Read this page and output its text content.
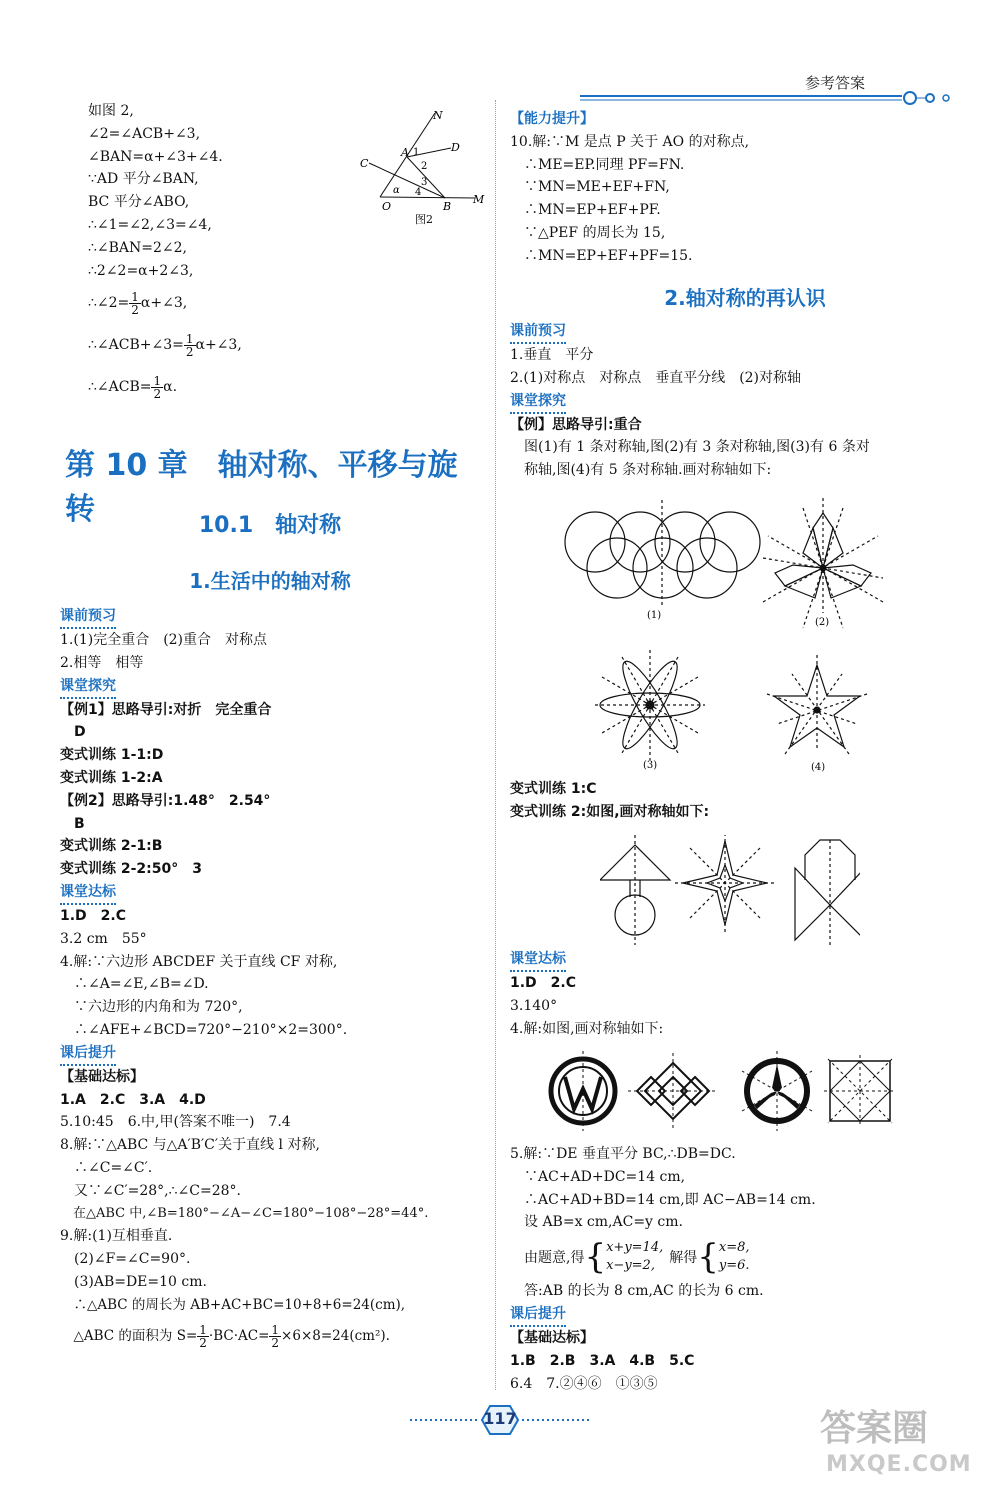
参考答案
如图 2,
∠2=∠ACB+∠3,
∠BAN=α+∠3+∠4.
∵AD 平分∠BAN,
BC 平分∠ABO,
∴∠1=∠2,∠3=∠4,
∴∠BAN=2∠2,
∴2∠2=α+2∠3,
∴∠2= $\frac{1}{2}$ α+∠3,
∴∠ACB+∠3= $\frac{1}{2}$ α+∠3,
∴∠ACB= $\frac{1}{2} \alpha$.
N
D
C
A 1
2
3
α 4
O	B
M
图2
第 10 章　轴对称、平移与旋转	10.1　轴对称
1.生活中的轴对称
课前预习
1.(1)完全重合　(2)重合　对称点
2.相等　相等
课堂探究
【例1】思路导引:对折　完全重合
　D
变式训练 1-1:D
变式训练 1-2:A
【例2】思路导引:1.48°　2.54°
　B
变式训练 2-1:B
变式训练 2-2:50°　3
课堂达标
1.D　2.C
3.2 cm　55°
4.解:∵六边形 ABCDEF 关于直线 CF 对称,
　∴∠A=∠E,∠B=∠D.
　∵六边形的内角和为 720°,
　∴∠AFE+∠BCD=720°−210°×2=300°.
课后提升
【基础达标】
1.A　2.C　3.A　4.D
5.10:45　6.中,甲(答案不唯一)　7.4
8.解:∵△ABC 与△A′B′C′关于直线 l 对称,
　∴∠C=∠C′.
　又∵∠C′=28°,∴∠C=28°.
　在△ABC 中,∠B=180°−∠A−∠C=180°−108°−28°=44°.
9.解:(1)互相垂直.
　(2)∠F=∠C=90°.
　(3)AB=DE=10 cm.
　∴△ABC 的周长为 AB+AC+BC=10+8+6=24(cm),
　△ABC 的面积为 $S= \frac{1}{2} \cdot BC\cdot AC= \frac{1}{2} \times 6\times 8=24(cm^2)$.
【能力提升】
10.解:∵M 是点 P 关于 AO 的对称点,
　∴ME=EP.同理 PF=FN.
　∵MN=ME+EF+FN,
　∴MN=EP+EF+PF.
　∵△PEF 的周长为 15,
　∴MN=EP+EF+PF=15.
2.轴对称的再认识
课前预习
1.垂直　平分
2.(1)对称点　对称点　垂直平分线　(2)对称轴
课堂探究
【例】思路导引:重合
　图(1)有 1 条对称轴,图(2)有 3 条对称轴,图(3)有 6 条对
　称轴,图(4)有 5 条对称轴.画对称轴如下:
(1)
(2)
(3)	(4)
变式训练 1:C
变式训练 2:如图,画对称轴如下:
课堂达标
1.D　2.C
3.140°
4.解:如图,画对称轴如下:
5.解:∵DE 垂直平分 BC,∴DB=DC.
　∵AC+AD+DC=14 cm,
　∴AC+AD+BD=14 cm,即 AC−AB=14 cm.
　设 AB=x cm,AC=y cm.
　由题意,得 { x+y=14,
x−y=2,	解得 { x=8,
y=6.
　答:AB 的长为 8 cm,AC 的长为 6 cm.
课后提升
【基础达标】
1.B　2.B　3.A　4.B　5.C
6.4　7.②④⑥　①③⑤
117	答案圈
MXQE.COM
